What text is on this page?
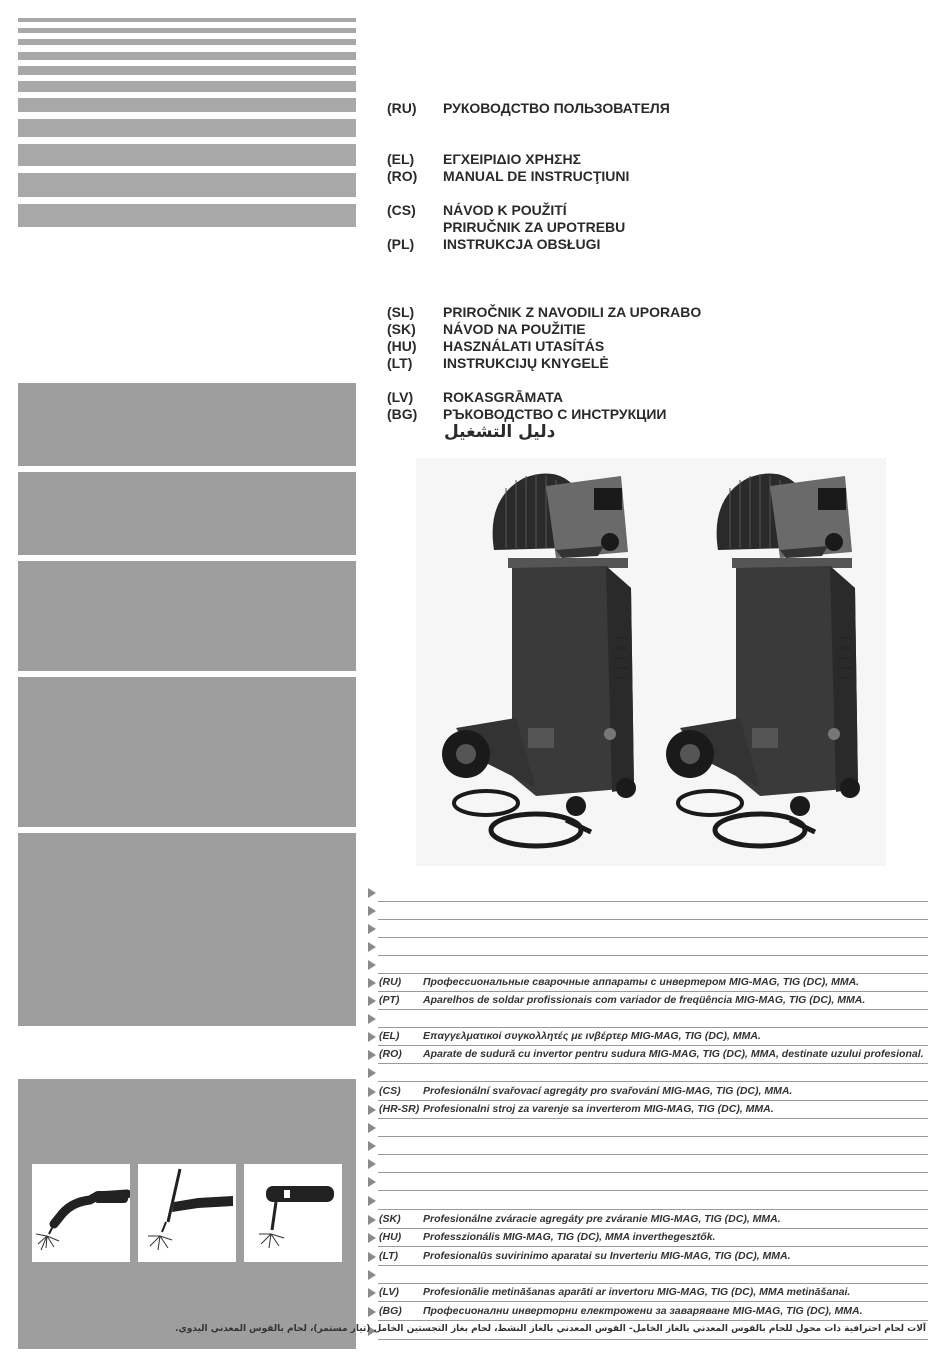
(RU)	РУКОВОДСТВО ПОЛЬЗОВАТЕЛЯ
(EL)	ΕΓΧΕΙΡΙΔΙΟ ΧΡΗΣΗΣ
(RO)	MANUAL DE INSTRUCŢIUNI
(CS)	NÁVOD K POUŽITÍ
PRIRUČNIK ZA UPOTREBU
(PL)	INSTRUKCJA OBSŁUGI
(SL)	PRIROČNIK Z NAVODILI ZA UPORABO
(SK)	NÁVOD NA POUŽITIE
(HU)	HASZNÁLATI UTASÍTÁS
(LT)	INSTRUKCIJŲ KNYGELĖ
(LV)	ROKASGRĀMATA
(BG)	РЪКОВОДСТВО С ИНСТРУКЦИИ
دليل التشغيل
(RU) Профессиональные сварочные аппараты с инвертером MIG-MAG, TIG (DC), MMA.
(PT) Aparelhos de soldar profissionais com variador de freqüência MIG-MAG, TIG (DC), MMA.
(EL) Επαγγελματικοί συγκολλητές με ινβέρτερ MIG-MAG, TIG (DC), MMA.
(RO) Aparate de sudură cu invertor pentru sudura MIG-MAG, TIG (DC), MMA, destinate uzului profesional.
(CS) Profesionální svařovací agregáty pro svařování MIG-MAG, TIG (DC), MMA.
(HR-SR) Profesionalni stroj za varenje sa inverterom MIG-MAG, TIG (DC), MMA.
(SK) Profesionálne zváracie agregáty pre zváranie MIG-MAG, TIG (DC), MMA.
(HU) Professzionális MIG-MAG, TIG (DC), MMA inverthegesztők.
(LT) Profesionalūs suvirinimo aparatai su Inverteriu MIG-MAG, TIG (DC), MMA.
(LV) Profesionālie metināšanas aparāti ar invertoru MIG-MAG, TIG (DC), MMA metināšanai.
(BG) Професионални инверторни електрожени за заваряване MIG-MAG, TIG (DC), MMA.
آلات لحام احترافية ذات محول للحام بالقوس المعدني بالغاز الخامل- القوس المعدني بالغاز النشط، لحام بغاز التجستين الخامل (تيار مستمر)، لحام بالقوس المعدني اليدوي.
